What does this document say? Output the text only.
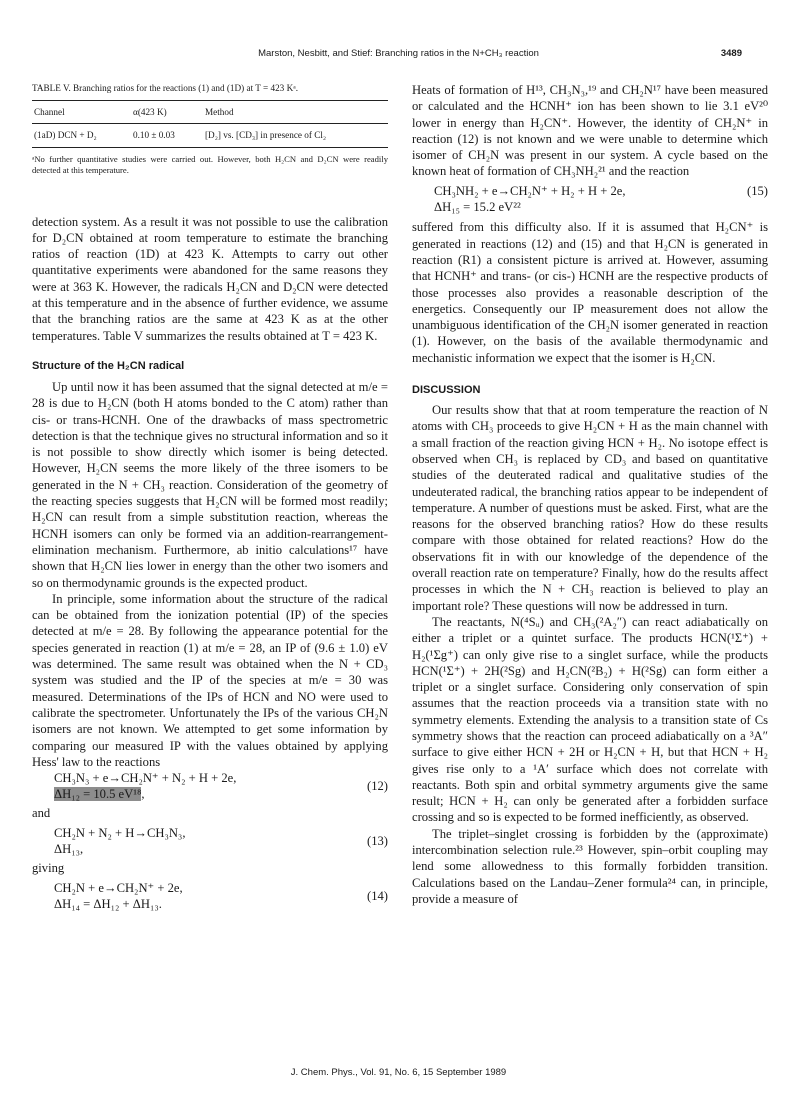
Marston, Nesbitt, and Stief: Branching ratios in the N+CH₃ reaction	3489
TABLE V. Branching ratios for the reactions (1) and (1D) at T = 423 Kᵃ.
Channel	α(423 K)	Method
(1aD) DCN + D₂	0.10 ± 0.03	[D₂] vs. [CD₃] in presence of Cl₂

ᵃNo further quantitative studies were carried out. However, both H₂CN and D₂CN were readily detected at this temperature.

detection system. As a result it was not possible to use the calibration for D₂CN obtained at room temperature to estimate the branching ratios of reaction (1D) at 423 K. Attempts to carry out other quantitative experiments were abandoned for the same reasons they were at 363 K. However, the radicals H₂CN and D₂CN were detected at this temperature and in the absence of further evidence, we assume that the branching ratios are the same at 423 K as at the other temperatures. Table V summarizes the results obtained at T = 423 K.

Structure of the H₂CN radical

Up until now it has been assumed that the signal detected at m/e = 28 is due to H₂CN (both H atoms bonded to the C atom) rather than cis- or trans-HCNH. One of the drawbacks of mass spectrometric detection is that the technique gives no structural information and so it is not possible to show directly which isomer is being detected. However, H₂CN seems the more likely of the three isomers to be generated in the N + CH₃ reaction. Consideration of the geometry of the reacting species suggests that H₂CN will be formed most readily; H₂CN can result from a simple substitution reaction, whereas the HCNH isomers can only be formed via an addition-rearrangement-elimination mechanism. Furthermore, ab initio calculations¹⁷ have shown that H₂CN lies lower in energy than the other two isomers and so on thermodynamic grounds is the expected product.

In principle, some information about the structure of the radical can be obtained from the ionization potential (IP) of the species detected at m/e = 28. By following the appearance potential for the species generated in reaction (1) at m/e = 28, an IP of (9.6 ± 1.0) eV was determined. The same result was obtained when the N + CD₃ system was studied and the IP of the species at m/e = 30 was measured. Determinations of the IPs of HCN and NO were used to calibrate the spectrometer. Unfortunately the IPs of the various CH₂N isomers are not known. We attempted to get some information by comparing our measured IP with the values obtained by applying Hess' law to the reactions

CH₃N₃ + e→CH₂N⁺ + N₂ + H + 2e,	(12)
ΔH₁₂ = 10.5 eV¹⁸,
and
CH₂N + N₂ + H→CH₃N₃,	(13)
ΔH₁₃,
giving
CH₂N + e→CH₂N⁺ + 2e,	(14)
ΔH₁₄ = ΔH₁₂ + ΔH₁₃.

Heats of formation of H¹³, CH₃N₃,¹⁹ and CH₂N¹⁷ have been measured or calculated and the HCNH⁺ ion has been shown to lie 3.1 eV²⁰ lower in energy than H₂CN⁺. However, the identity of CH₂N⁺ in reaction (12) is not known and we were unable to determine which isomer of CH₂N was present in our system. A cycle based on the known heat of formation of CH₃NH₂²¹ and the reaction

CH₃NH₂ + e→CH₂N⁺ + H₂ + H + 2e,	(15)
ΔH₁₅ = 15.2 eV²²	

suffered from this difficulty also. If it is assumed that H₂CN⁺ is generated in reactions (12) and (15) and that H₂CN is generated in reaction (R1) a consistent picture is arrived at. However, assuming that HCNH⁺ and trans- (or cis-) HCNH are the respective products of those processes also provides a reasonable description of the energetics. Consequently our IP measurement does not allow the unambiguous identification of the CH₂N isomer generated in reaction (1). However, on the basis of the available thermodynamic and mechanistic information we expect that the isomer is H₂CN.

DISCUSSION

Our results show that that at room temperature the reaction of N atoms with CH₃ proceeds to give H₂CN + H as the main channel with a small fraction of the reaction giving HCN + H₂. No isotope effect is observed when CH₃ is replaced by CD₃ and based on quantitative studies of the deuterated radical and qualitative studies of the undeuterated radical, the branching ratios appear to be independent of temperature. A number of questions must be asked. First, what are the reasons for the observed branching ratios? How do these results compare with those obtained for related reactions? How do the observations fit in with our knowledge of the dependence of the overall reaction rate on temperature? Finally, how do the results affect processes in which the N + CH₃ reaction is believed to play an important role? These questions will now be addressed in turn.

The reactants, N(⁴Sᵤ) and CH₃(²A₂″) can react adiabatically on either a triplet or a quintet surface. The products HCN(¹Σ⁺) + H₂(¹Σg⁺) can only give rise to a singlet surface, while the products HCN(¹Σ⁺) + 2H(²Sg) and H₂CN(²B₂) + H(²Sg) can form either a triplet or a singlet surface. Considering only conservation of spin assumes that the reaction proceeds via a transition state with no symmetry elements. Extending the analysis to a transition state of Cs symmetry shows that the reaction can proceed adiabatically on a ³A″ surface to give either HCN + 2H or H₂CN + H, but that HCN + H₂ gives rise only to a ¹A′ surface which does not correlate with reactants. Both spin and orbital symmetry arguments give the same result; HCN + H₂ can only be generated after a forbidden surface crossing and so is expected to be formed inefficiently, as observed.

The triplet–singlet crossing is forbidden by the (approximate) intercombination selection rule.²³ However, spin–orbit coupling may lend some allowedness to this formally forbidden transition. Calculations based on the Landau–Zener formula²⁴ can, in principle, provide a measure of

J. Chem. Phys., Vol. 91, No. 6, 15 September 1989
